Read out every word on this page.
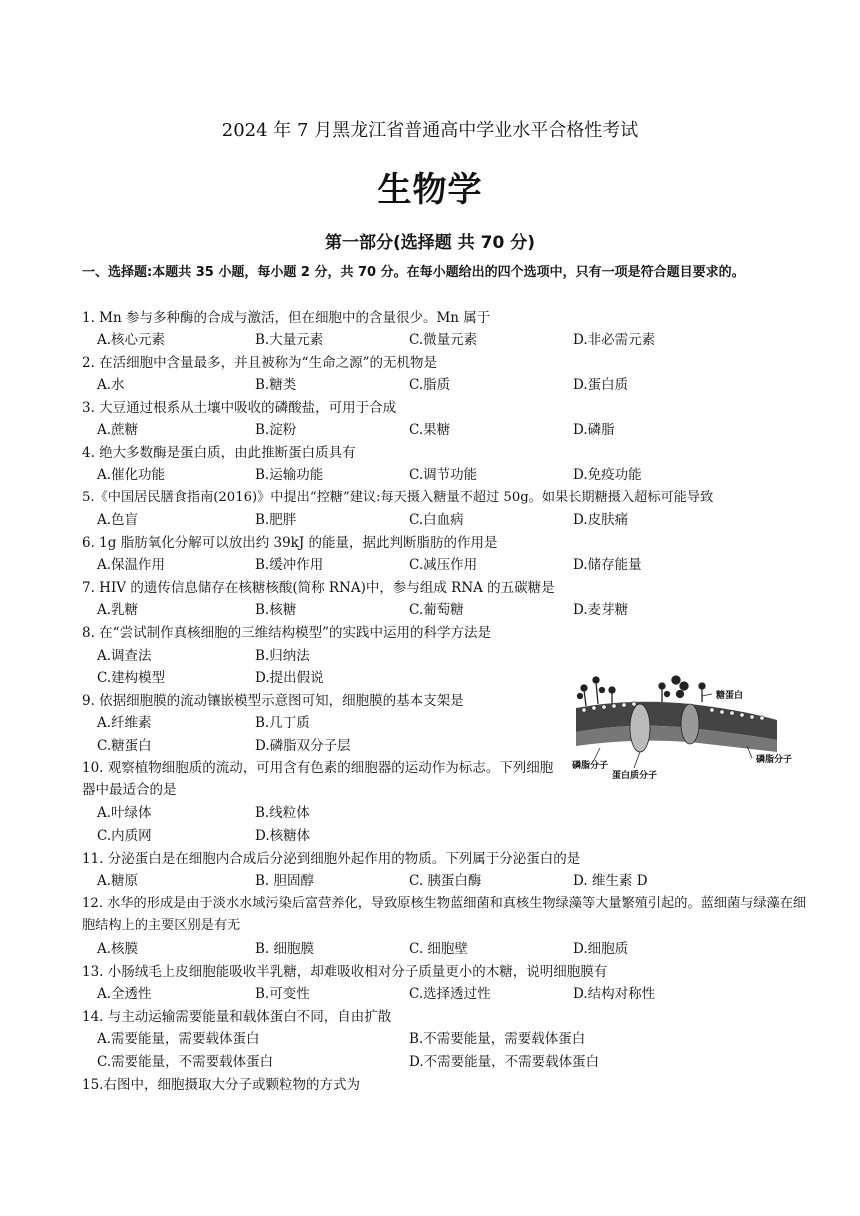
2024 年 7 月黑龙江省普通高中学业水平合格性考试
生物学
第一部分(选择题 共 70 分)
一、选择题:本题共 35 小题，每小题 2 分，共 70 分。在每小题给出的四个选项中，只有一项是符合题目要求的。
1. Mn 参与多种酶的合成与激活，但在细胞中的含量很少。Mn 属于
A.核心元素	B.大量元素	C.微量元素	D.非必需元素
2. 在活细胞中含量最多，并且被称为“生命之源”的无机物是
A.水	B.糖类	C.脂质	D.蛋白质
3. 大豆通过根系从土壤中吸收的磷酸盐，可用于合成
A.蔗糖	B.淀粉	C.果糖	D.磷脂
4. 绝大多数酶是蛋白质，由此推断蛋白质具有
A.催化功能	B.运输功能	C.调节功能	D.免疫功能
5.《中国居民膳食指南(2016)》中提出“控糖”建议:每天摄入糖量不超过 50g。如果长期糖摄入超标可能导致
A.色盲	B.肥胖	C.白血病	D.皮肤痛
6. 1g 脂肪氧化分解可以放出约 39kJ 的能量，据此判断脂肪的作用是
A.保温作用	B.缓冲作用	C.减压作用	D.储存能量
7. HIV 的遗传信息储存在核糖核酸(简称 RNA)中，参与组成 RNA 的五碳糖是
A.乳糖	B.核糖	C.葡萄糖	D.麦芽糖
8. 在“尝试制作真核细胞的三维结构模型”的实践中运用的科学方法是
A.调查法	B.归纳法
C.建构模型	D.提出假说
9. 依据细胞膜的流动镶嵌模型示意图可知，细胞膜的基本支架是
A.纤维素	B.几丁质
C.糖蛋白	D.磷脂双分子层
糖蛋白
磷脂分子
磷脂分子
蛋白质分子
10. 观察植物细胞质的流动，可用含有色素的细胞器的运动作为标志。下列细胞器中最适合的是
A.叶绿体	B.线粒体
C.内质网	D.核糖体
11. 分泌蛋白是在细胞内合成后分泌到细胞外起作用的物质。下列属于分泌蛋白的是
A.糖原	B. 胆固醇	C. 胰蛋白酶	D. 维生素 D
12. 水华的形成是由于淡水水域污染后富营养化，导致原核生物蓝细菌和真核生物绿藻等大量繁殖引起的。蓝细菌与绿藻在细胞结构上的主要区别是有无
A.核膜	B. 细胞膜	C. 细胞壁	D.细胞质
13. 小肠绒毛上皮细胞能吸收半乳糖，却难吸收相对分子质量更小的木糖，说明细胞膜有
A.全透性	B.可变性	C.选择透过性	D.结构对称性
14. 与主动运输需要能量和载体蛋白不同，自由扩散
A.需要能量，需要载体蛋白	B.不需要能量，需要载体蛋白
C.需要能量，不需要载体蛋白	D.不需要能量，不需要载体蛋白
15.右图中，细胞摄取大分子或颗粒物的方式为
